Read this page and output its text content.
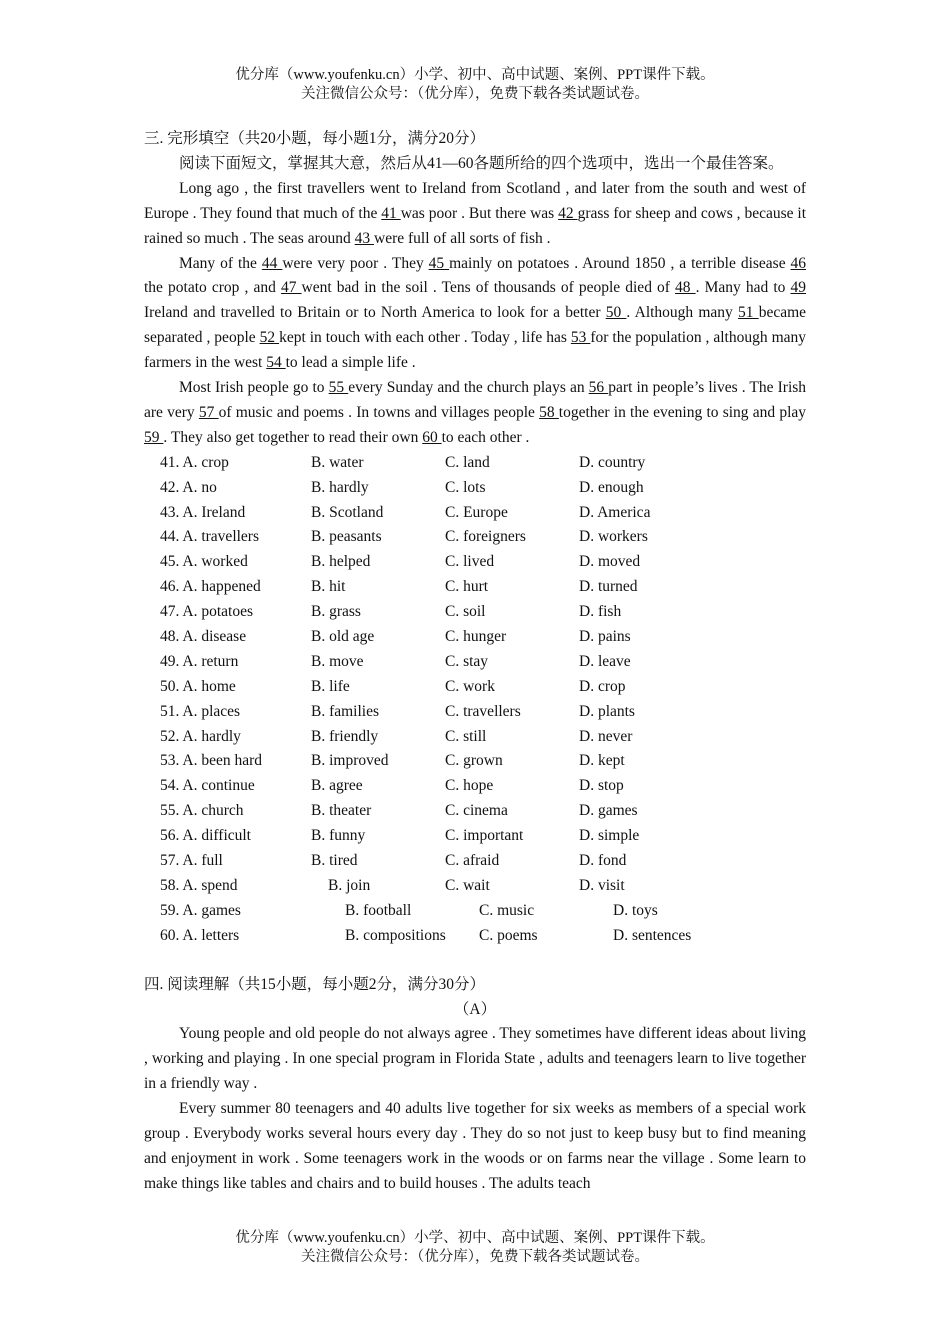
优分库（www.youfenku.cn）小学、初中、高中试题、案例、PPT课件下载。
关注微信公众号：（优分库），免费下载各类试题试卷。

三. 完形填空（共20小题，每小题1分，满分20分）

阅读下面短文，掌握其大意，然后从41—60各题所给的四个选项中，选出一个最佳答案。

Long ago , the first travellers went to Ireland from Scotland , and later from the south and west of Europe . They found that much of the 41 was poor . But there was 42 grass for sheep and cows , because it rained so much . The seas around 43 were full of all sorts of fish .

Many of the 44 were very poor . They 45 mainly on potatoes . Around 1850 , a terrible disease 46 the potato crop , and 47 went bad in the soil . Tens of thousands of people died of 48 . Many had to 49 Ireland and travelled to Britain or to North America to look for a better 50 . Although many 51 became separated , people 52 kept in touch with each other . Today , life has 53 for the population , although many farmers in the west 54 to lead a simple life .

Most Irish people go to 55 every Sunday and the church plays an 56 part in people’s lives . The Irish are very 57 of music and poems . In towns and villages people 58 together in the evening to sing and play 59 . They also get together to read their own 60 to each other .

41. A. crop	B. water	C. land	D. country
42. A. no	B. hardly	C. lots	D. enough
43. A. Ireland	B. Scotland	C. Europe	D. America
44. A. travellers	B. peasants	C. foreigners	D. workers
45. A. worked	B. helped	C. lived	D. moved
46. A. happened	B. hit	C. hurt	D. turned
47. A. potatoes	B. grass	C. soil	D. fish
48. A. disease	B. old age	C. hunger	D. pains
49. A. return	B. move	C. stay	D. leave
50. A. home	B. life	C. work	D. crop
51. A. places	B. families	C. travellers	D. plants
52. A. hardly	B. friendly	C. still	D. never
53. A. been hard	B. improved	C. grown	D. kept
54. A. continue	B. agree	C. hope	D. stop
55. A. church	B. theater	C. cinema	D. games
56. A. difficult	B. funny	C. important	D. simple
57. A. full	B. tired	C. afraid	D. fond
58. A. spend	B. join	C. wait	D. visit
59. A. games	B. football	C. music	D. toys
60. A. letters	B. compositions	C. poems	D. sentences

四. 阅读理解（共15小题，每小题2分，满分30分）

（A）

Young people and old people do not always agree . They sometimes have different ideas about living , working and playing . In one special program in Florida State , adults and teenagers learn to live together in a friendly way .

Every summer 80 teenagers and 40 adults live together for six weeks as members of a special work group . Everybody works several hours every day . They do so not just to keep busy but to find meaning and enjoyment in work . Some teenagers work in the woods or on farms near the village . Some learn to make things like tables and chairs and to build houses . The adults teach

优分库（www.youfenku.cn）小学、初中、高中试题、案例、PPT课件下载。
关注微信公众号：（优分库），免费下载各类试题试卷。
